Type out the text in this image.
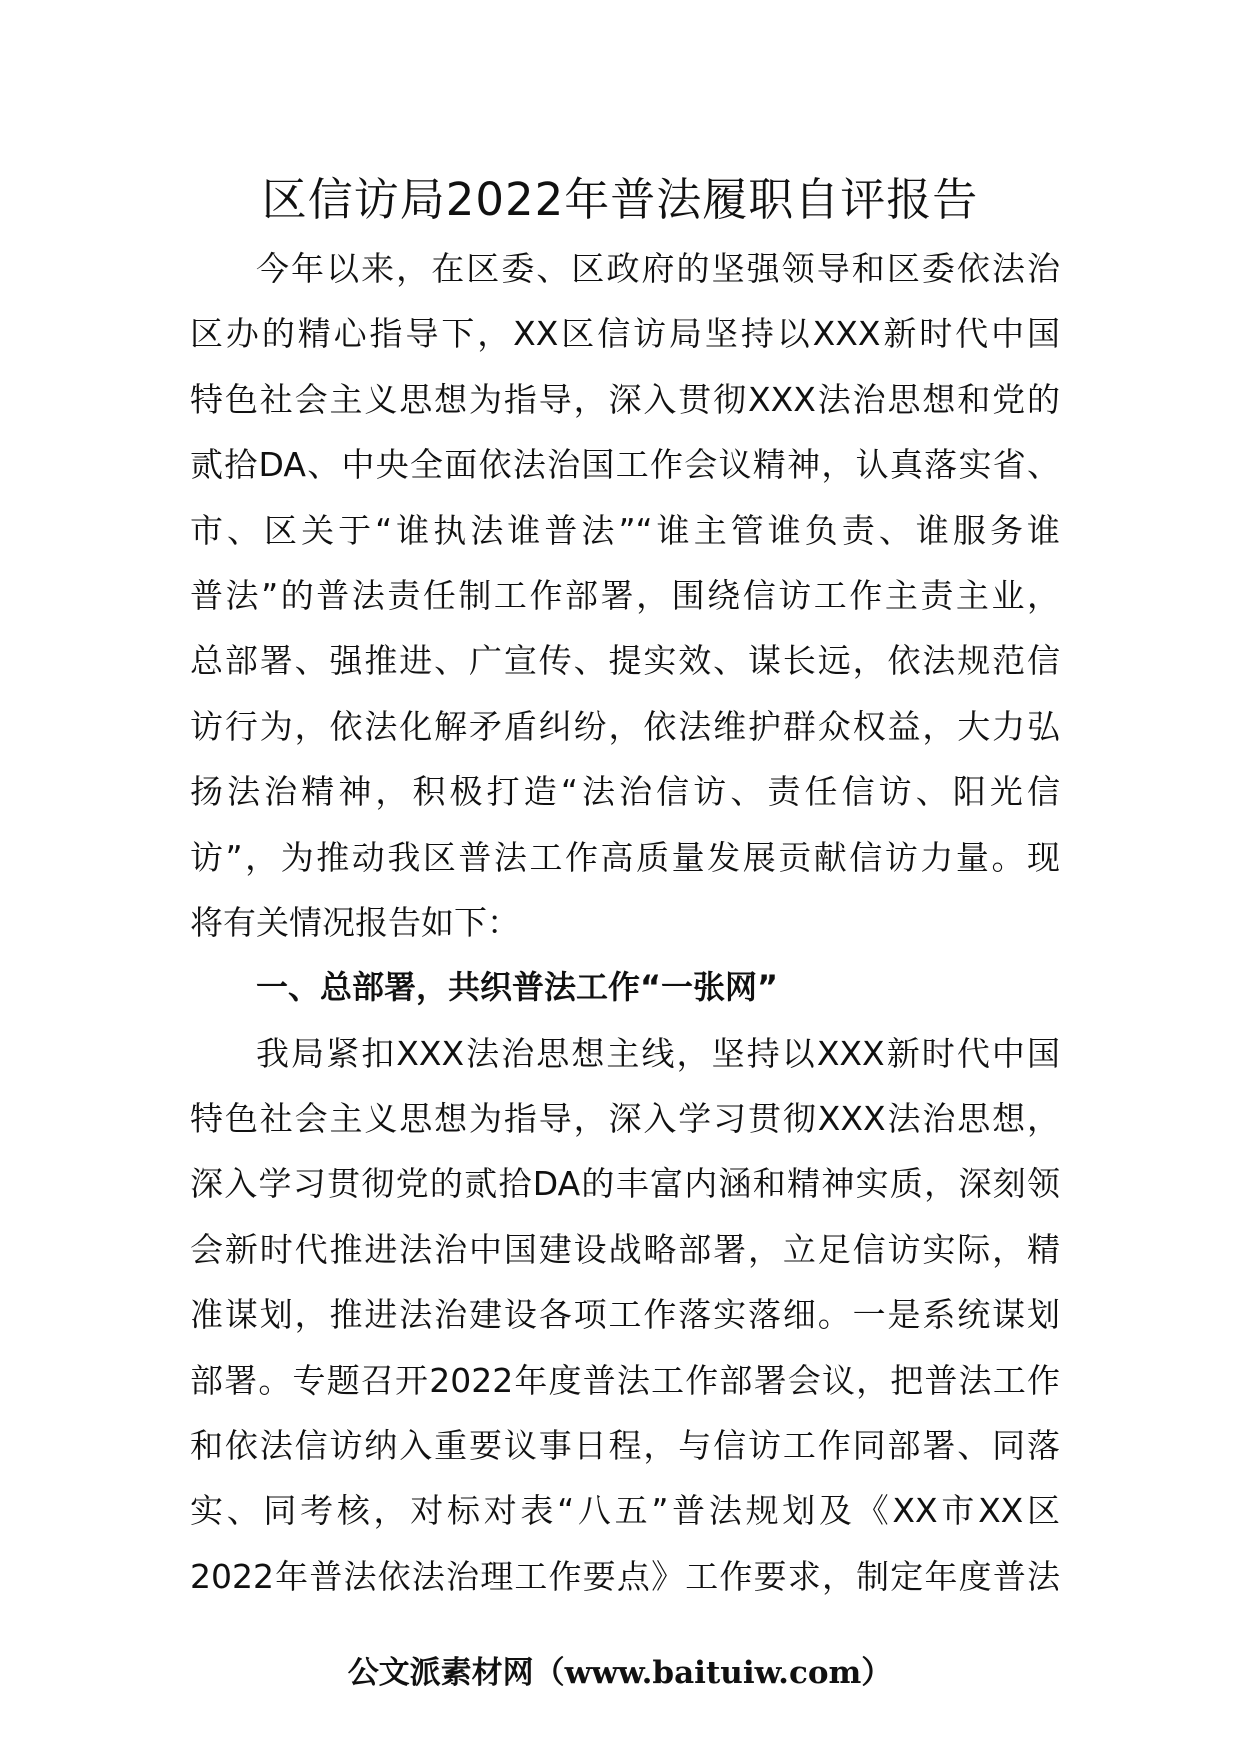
区信访局2022年普法履职自评报告
今年以来，在区委、区政府的坚强领导和区委依法治
区办的精心指导下，XX区信访局坚持以XXX新时代中国
特色社会主义思想为指导，深入贯彻XXX法治思想和党的
贰拾DA、中央全面依法治国工作会议精神，认真落实省、
市、区关于“谁执法谁普法”“谁主管谁负责、谁服务谁
普法”的普法责任制工作部署，围绕信访工作主责主业，
总部署、强推进、广宣传、提实效、谋长远，依法规范信
访行为，依法化解矛盾纠纷，依法维护群众权益，大力弘
扬法治精神，积极打造“法治信访、责任信访、阳光信
访”，为推动我区普法工作高质量发展贡献信访力量。现
将有关情况报告如下：
一、总部署，共织普法工作“一张网”
我局紧扣XXX法治思想主线，坚持以XXX新时代中国
特色社会主义思想为指导，深入学习贯彻XXX法治思想，
深入学习贯彻党的贰拾DA的丰富内涵和精神实质，深刻领
会新时代推进法治中国建设战略部署，立足信访实际，精
准谋划，推进法治建设各项工作落实落细。一是系统谋划
部署。专题召开2022年度普法工作部署会议，把普法工作
和依法信访纳入重要议事日程，与信访工作同部署、同落
实、同考核，对标对表“八五”普法规划及《XX市XX区
2022年普法依法治理工作要点》工作要求，制定年度普法
公文派素材网（www.baituiw.com）
